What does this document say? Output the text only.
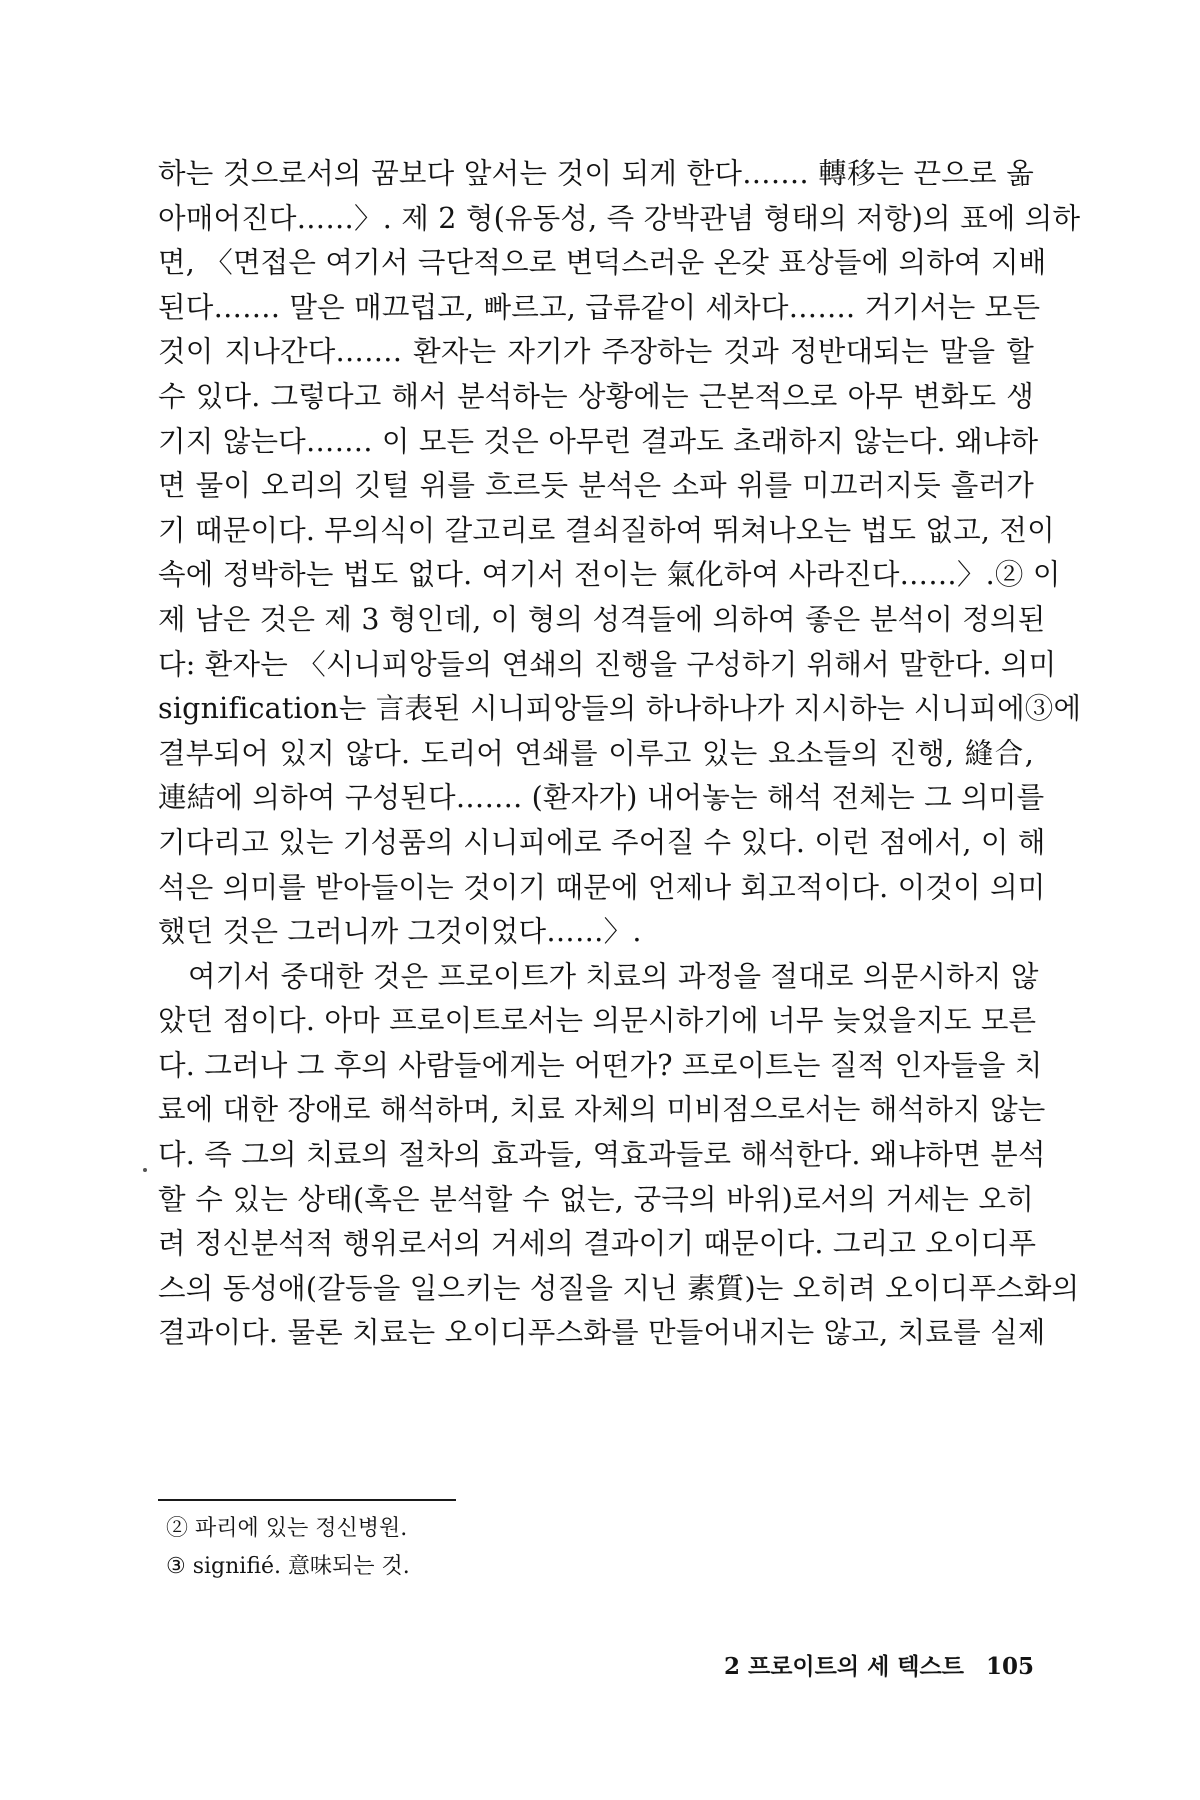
하는 것으로서의 꿈보다 앞서는 것이 되게 한다……. 轉移는 끈으로 옮
아매어진다……〉. 제 2 형(유동성, 즉 강박관념 형태의 저항)의 표에 의하
면, 〈면접은 여기서 극단적으로 변덕스러운 온갖 표상들에 의하여 지배
된다……. 말은 매끄럽고, 빠르고, 급류같이 세차다……. 거기서는 모든
것이 지나간다……. 환자는 자기가 주장하는 것과 정반대되는 말을 할
수 있다. 그렇다고 해서 분석하는 상황에는 근본적으로 아무 변화도 생
기지 않는다……. 이 모든 것은 아무런 결과도 초래하지 않는다. 왜냐하
면 물이 오리의 깃털 위를 흐르듯 분석은 소파 위를 미끄러지듯 흘러가
기 때문이다. 무의식이 갈고리로 결쇠질하여 뛰쳐나오는 법도 없고, 전이
속에 정박하는 법도 없다. 여기서 전이는 氣化하여 사라진다……〉.② 이
제 남은 것은 제 3 형인데, 이 형의 성격들에 의하여 좋은 분석이 정의된
다: 환자는 〈시니피앙들의 연쇄의 진행을 구성하기 위해서 말한다. 의미
signification는 言表된 시니피앙들의 하나하나가 지시하는 시니피에③에
결부되어 있지 않다. 도리어 연쇄를 이루고 있는 요소들의 진행, 縫合,
連結에 의하여 구성된다……. (환자가) 내어놓는 해석 전체는 그 의미를
기다리고 있는 기성품의 시니피에로 주어질 수 있다. 이런 점에서, 이 해
석은 의미를 받아들이는 것이기 때문에 언제나 회고적이다. 이것이 의미
했던 것은 그러니까 그것이었다……〉.
여기서 중대한 것은 프로이트가 치료의 과정을 절대로 의문시하지 않
았던 점이다. 아마 프로이트로서는 의문시하기에 너무 늦었을지도 모른
다. 그러나 그 후의 사람들에게는 어떤가? 프로이트는 질적 인자들을 치
료에 대한 장애로 해석하며, 치료 자체의 미비점으로서는 해석하지 않는
다. 즉 그의 치료의 절차의 효과들, 역효과들로 해석한다. 왜냐하면 분석
할 수 있는 상태(혹은 분석할 수 없는, 궁극의 바위)로서의 거세는 오히
려 정신분석적 행위로서의 거세의 결과이기 때문이다. 그리고 오이디푸
스의 동성애(갈등을 일으키는 성질을 지닌 素質)는 오히려 오이디푸스화의
결과이다. 물론 치료는 오이디푸스화를 만들어내지는 않고, 치료를 실제
② 파리에 있는 정신병원.
③ signifié. 意味되는 것.
2 프로이트의 세 텍스트 105
